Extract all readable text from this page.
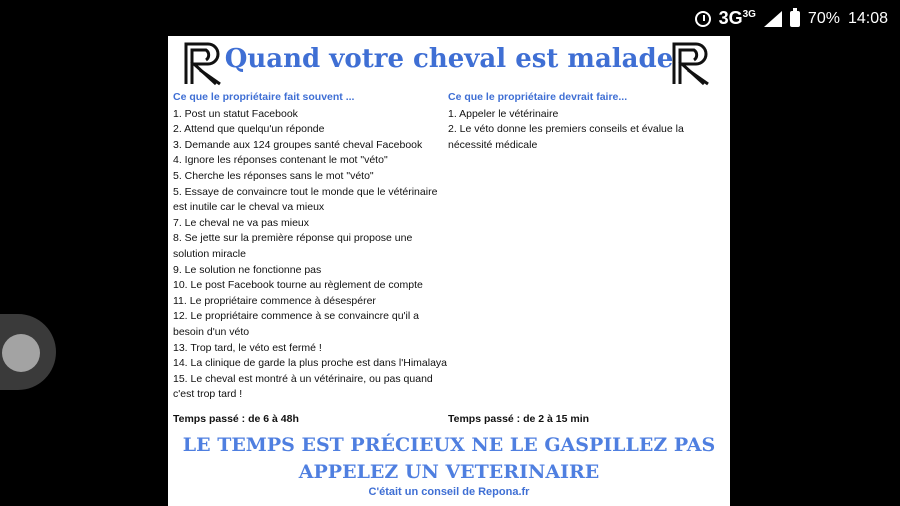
$3G^{3G}$	70% 14:08
Quand votre cheval est malade
Ce que le propriétaire fait souvent ...
1. Post un statut Facebook
2. Attend que quelqu'un réponde
3. Demande aux 124 groupes santé cheval Facebook
4. Ignore les réponses contenant le mot "véto"
5. Cherche les réponses sans le mot "véto"
5. Essaye de convaincre tout le monde que le vétérinaire est inutile car le cheval va mieux
7. Le cheval ne va pas mieux
8. Se jette sur la première réponse qui propose une solution miracle
9. Le solution ne fonctionne pas
10. Le post Facebook tourne au règlement de compte
11. Le propriétaire commence à désespérer
12. Le propriétaire commence à se convaincre qu'il a besoin d'un véto
13. Trop tard, le véto est fermé !
14. La clinique de garde la plus proche est dans l'Himalaya
15. Le cheval est montré à un vétérinaire, ou pas quand c'est trop tard !
Ce que le propriétaire devrait faire...
1. Appeler le vétérinaire
2. Le véto donne les premiers conseils et évalue la nécessité médicale
Temps passé : de 6 à 48h	Temps passé : de 2 à 15 min
LE TEMPS EST PRÉCIEUX NE LE GASPILLEZ PAS
APPELEZ UN VETERINAIRE
C'était un conseil de Repona.fr
